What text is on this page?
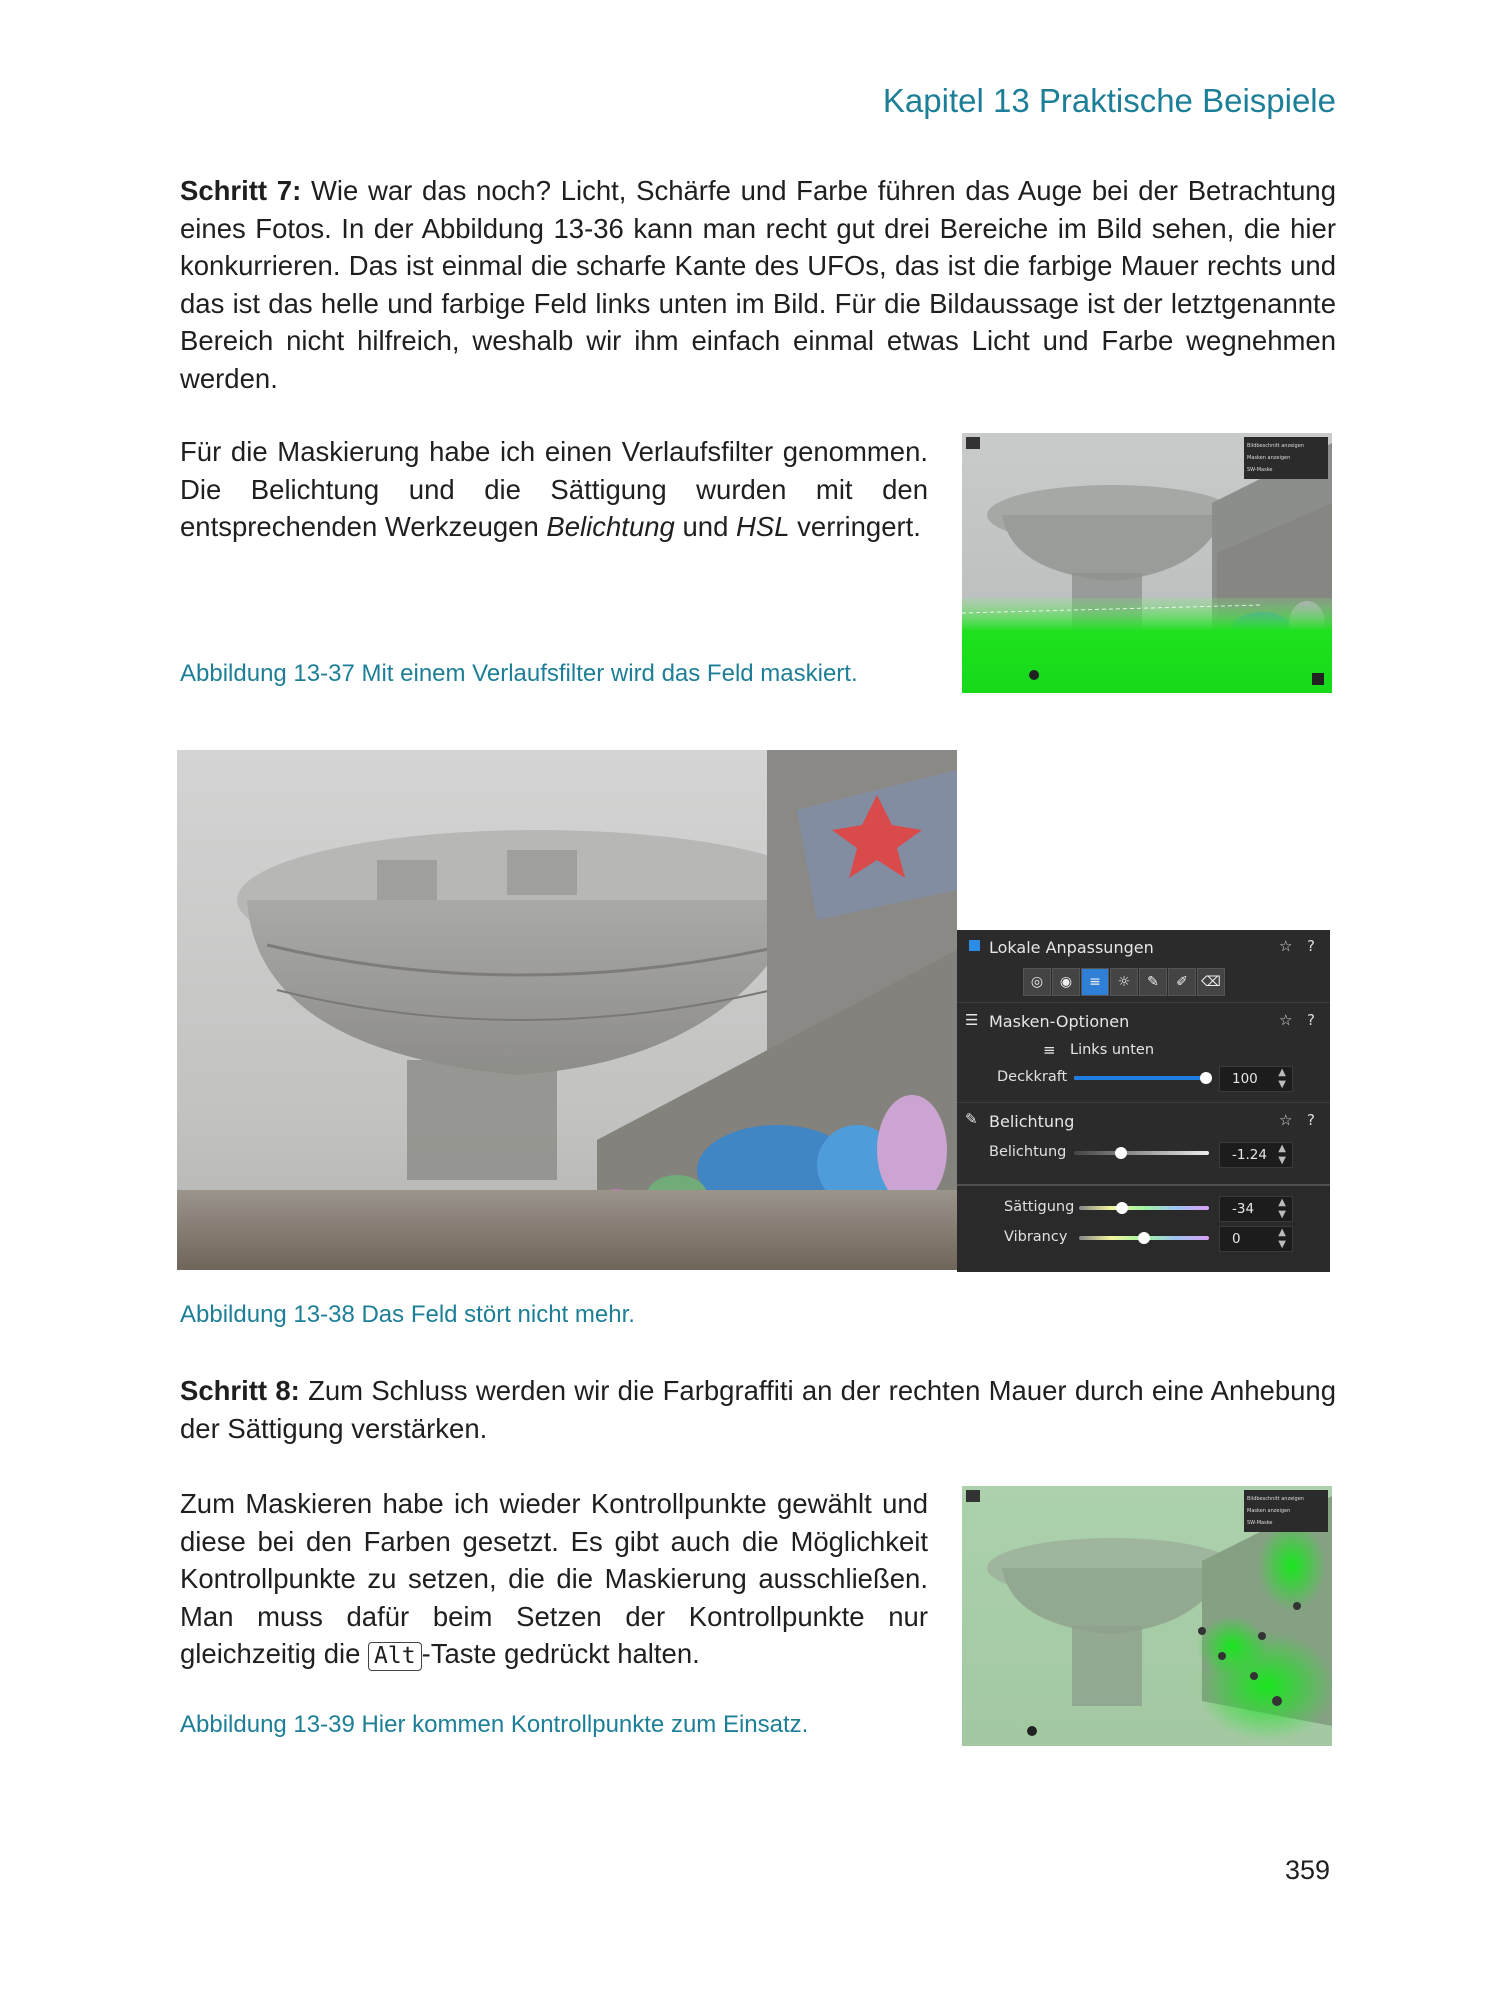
Kapitel 13 Praktische Beispiele

Schritt 7: Wie war das noch? Licht, Schärfe und Farbe führen das Auge bei der Betrachtung eines Fotos. In der Abbildung 13-36 kann man recht gut drei Bereiche im Bild sehen, die hier konkurrieren. Das ist einmal die scharfe Kante des UFOs, das ist die farbige Mauer rechts und das ist das helle und farbige Feld links unten im Bild. Für die Bildaussage ist der letztgenannte Bereich nicht hilfreich, weshalb wir ihm einfach einmal etwas Licht und Farbe wegnehmen werden.

Für die Maskierung habe ich einen Verlaufsfilter genommen. Die Belichtung und die Sättigung wurden mit den entsprechenden Werkzeugen Belichtung und HSL verringert.

Bildbeschnitt anzeigen
Masken anzeigen
SW-Maske
Abbildung 13-37 Mit einem Verlaufsfilter wird das Feld maskiert.
Lokale Anpassungen	☆ ?
◎	◉	≡	☼	✎	✐ ⌫
☰ Masken-Optionen	☆ ?
≡ Links unten
Deckkraft	100 ▲
▼
✎ Belichtung	☆ ?
Belichtung	-1.24 ▲
▼
Sättigung	-34 ▲
▼
Vibrancy	0	▲
▼
Abbildung 13-38 Das Feld stört nicht mehr.

Schritt 8: Zum Schluss werden wir die Farbgraffiti an der rechten Mauer durch eine Anhebung der Sättigung verstärken.

Zum Maskieren habe ich wieder Kontrollpunkte gewählt und diese bei den Farben gesetzt. Es gibt auch die Möglichkeit Kontrollpunkte zu setzen, die die Maskierung ausschließen. Man muss dafür beim Setzen der Kontrollpunkte nur gleichzeitig die Alt -Taste gedrückt halten.

Bildbeschnitt anzeigen
Masken anzeigen
SW-Maske
Abbildung 13-39 Hier kommen Kontrollpunkte zum Einsatz.
359
